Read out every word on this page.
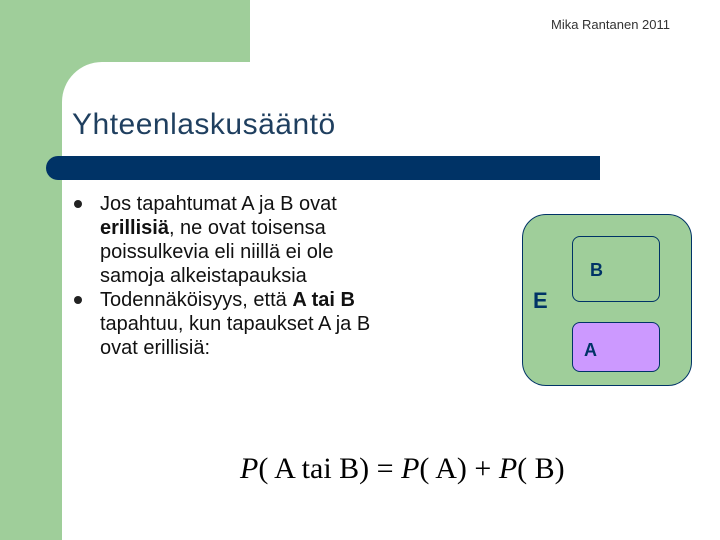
Mika Rantanen 2011
Yhteenlaskusääntö
Jos tapahtumat A ja B ovat erillisiä, ne ovat toisensa poissulkevia eli niillä ei ole samoja alkeistapauksia
Todennäköisyys, että A tai B tapahtuu, kun tapaukset A ja B ovat erillisiä:
E
B
A
P( A tai B) = P( A) + P( B)
